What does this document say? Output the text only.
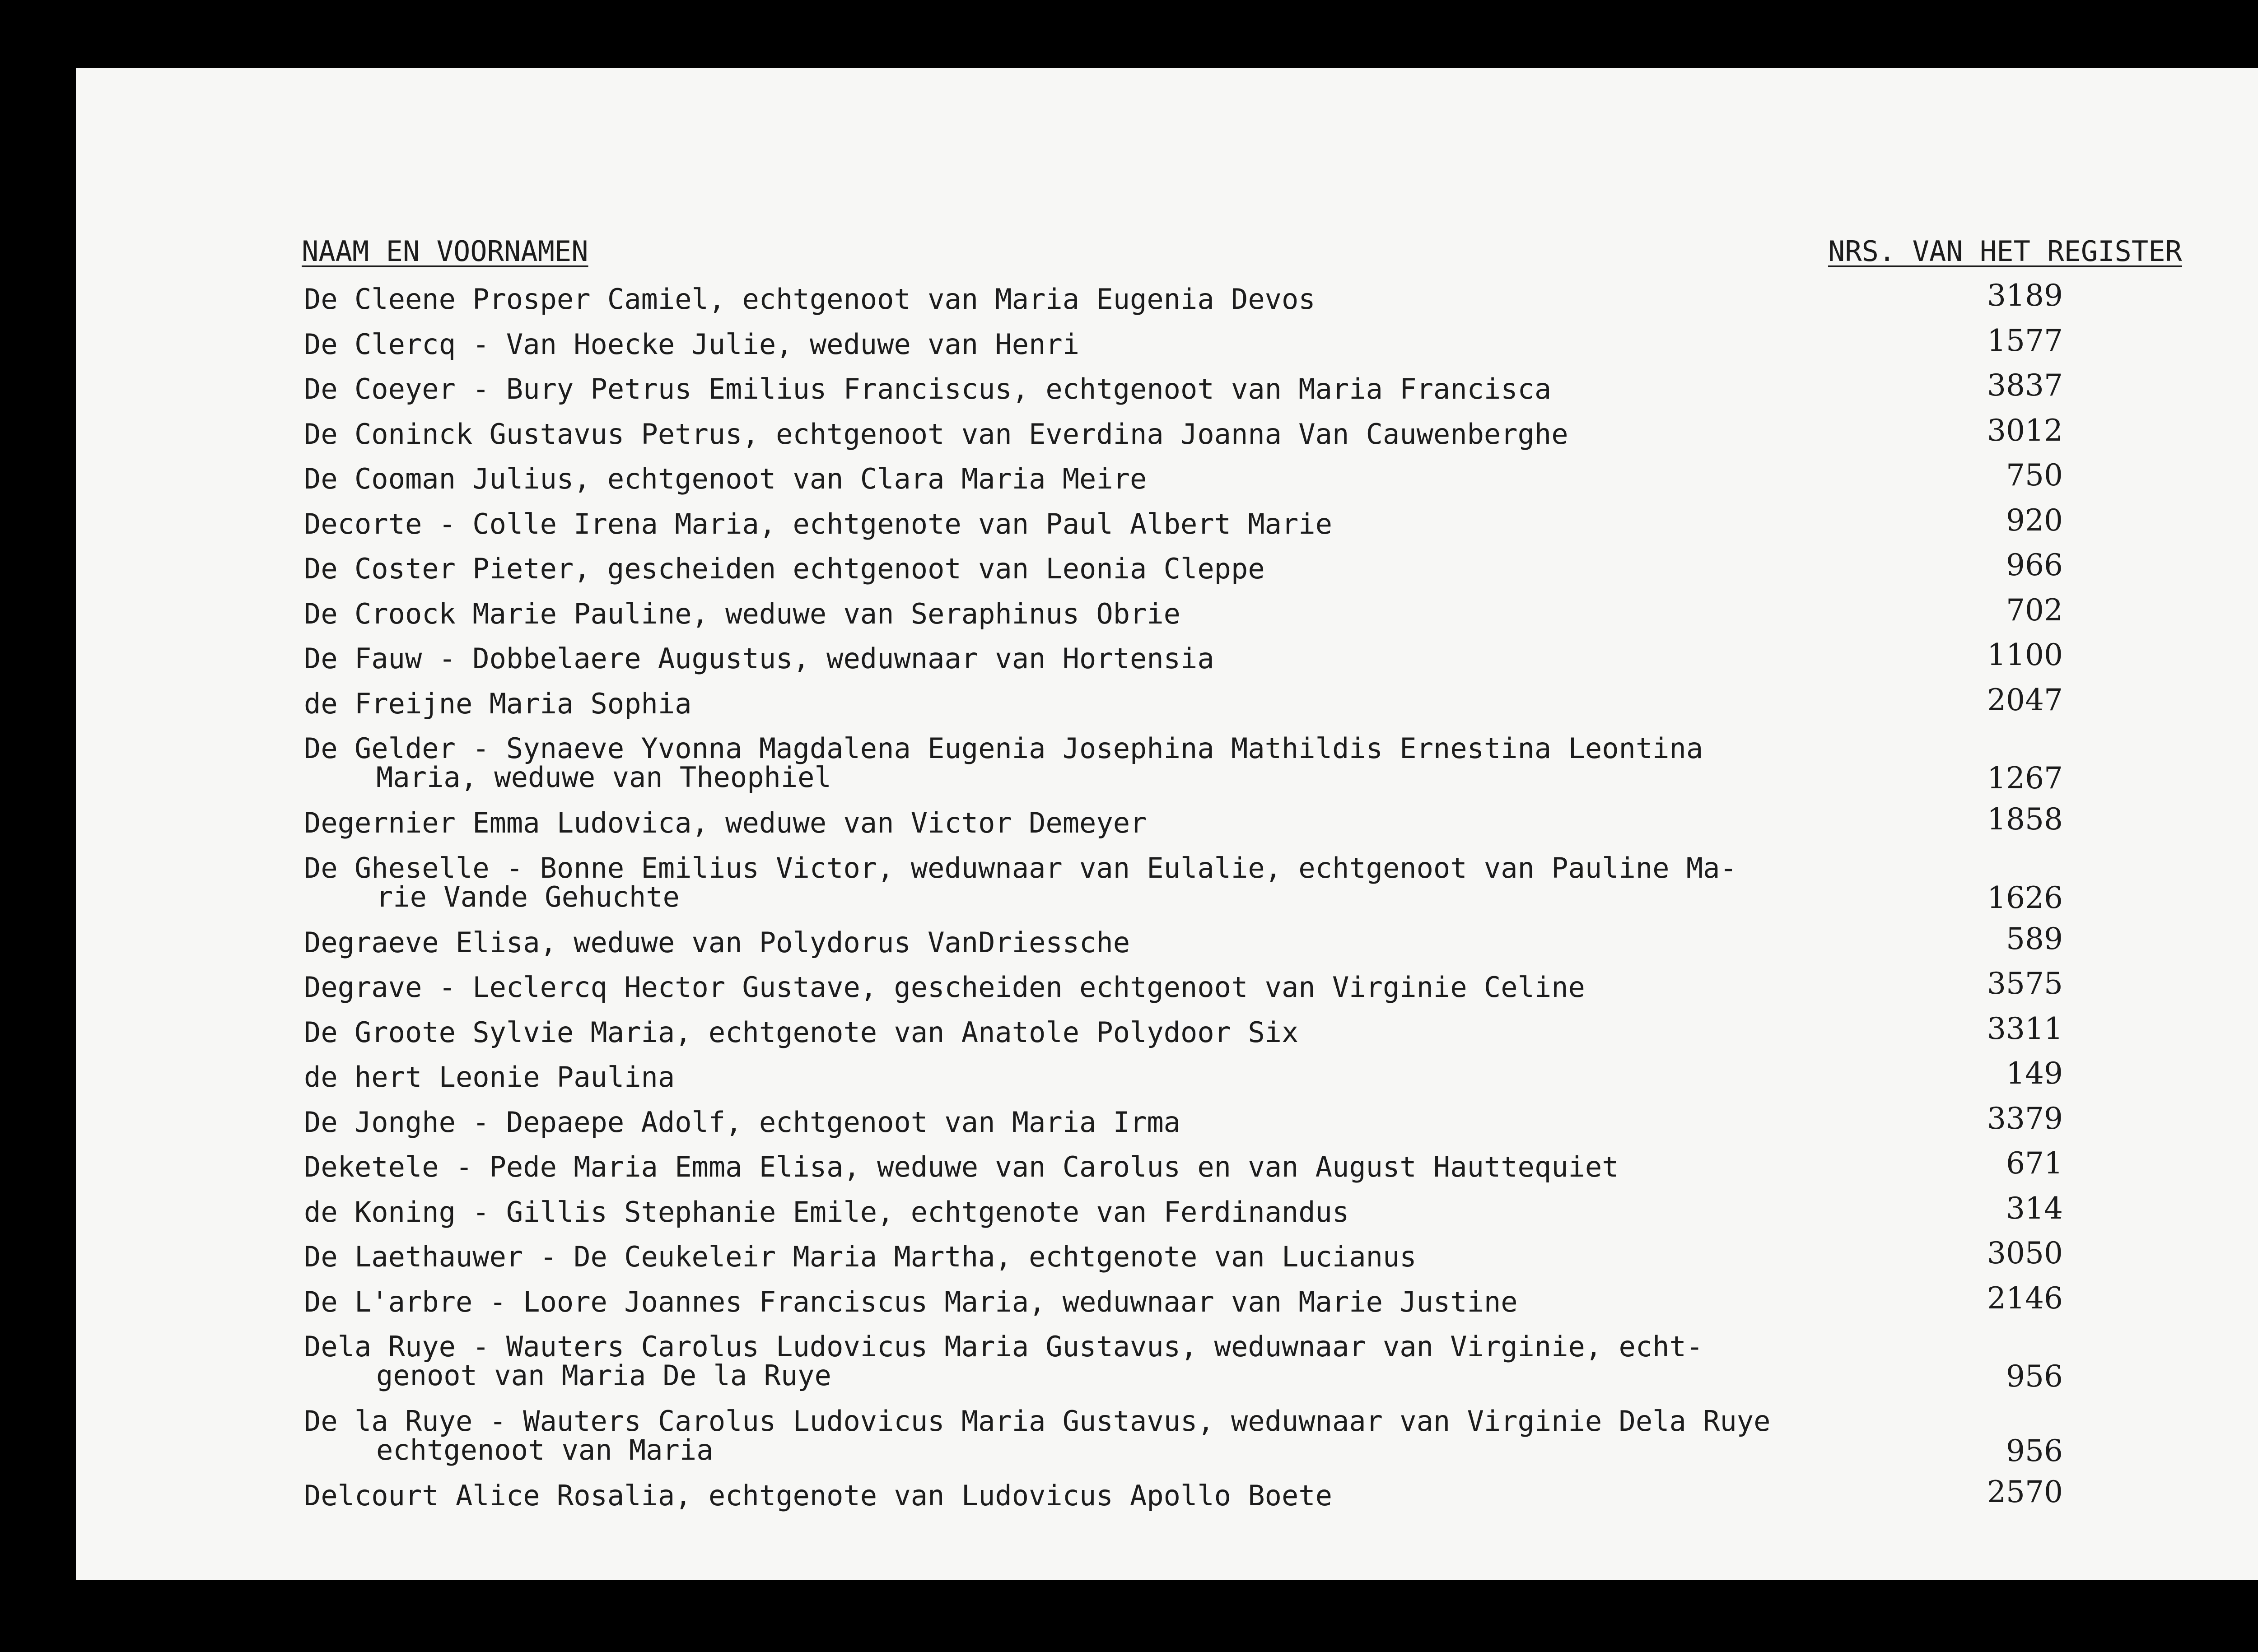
NAAM EN VOORNAMEN	NRS. VAN HET REGISTER
De Cleene Prosper Camiel, echtgenoot van Maria Eugenia Devos	3189
De Clercq - Van Hoecke Julie, weduwe van Henri	1577
De Coeyer - Bury Petrus Emilius Franciscus, echtgenoot van Maria Francisca	3837
De Coninck Gustavus Petrus, echtgenoot van Everdina Joanna Van Cauwenberghe	3012
De Cooman Julius, echtgenoot van Clara Maria Meire	750
Decorte - Colle Irena Maria, echtgenote van Paul Albert Marie	920
De Coster Pieter, gescheiden echtgenoot van Leonia Cleppe	966
De Croock Marie Pauline, weduwe van Seraphinus Obrie	702
De Fauw - Dobbelaere Augustus, weduwnaar van Hortensia	1100
de Freijne Maria Sophia	2047
De Gelder - Synaeve Yvonna Magdalena Eugenia Josephina Mathildis Ernestina Leontina
Maria, weduwe van Theophiel	1267
Degernier Emma Ludovica, weduwe van Victor Demeyer	1858
De Gheselle - Bonne Emilius Victor, weduwnaar van Eulalie, echtgenoot van Pauline Ma-
rie Vande Gehuchte	1626
Degraeve Elisa, weduwe van Polydorus VanDriessche	589
Degrave - Leclercq Hector Gustave, gescheiden echtgenoot van Virginie Celine	3575
De Groote Sylvie Maria, echtgenote van Anatole Polydoor Six	3311
de hert Leonie Paulina	149
De Jonghe - Depaepe Adolf, echtgenoot van Maria Irma	3379
Deketele - Pede Maria Emma Elisa, weduwe van Carolus en van August Hauttequiet	671
de Koning - Gillis Stephanie Emile, echtgenote van Ferdinandus	314
De Laethauwer - De Ceukeleir Maria Martha, echtgenote van Lucianus	3050
De L'arbre - Loore Joannes Franciscus Maria, weduwnaar van Marie Justine	2146
Dela Ruye - Wauters Carolus Ludovicus Maria Gustavus, weduwnaar van Virginie, echt-
genoot van Maria De la Ruye	956
De la Ruye - Wauters Carolus Ludovicus Maria Gustavus, weduwnaar van Virginie Dela Ruye
echtgenoot van Maria	956
Delcourt Alice Rosalia, echtgenote van Ludovicus Apollo Boete	2570
